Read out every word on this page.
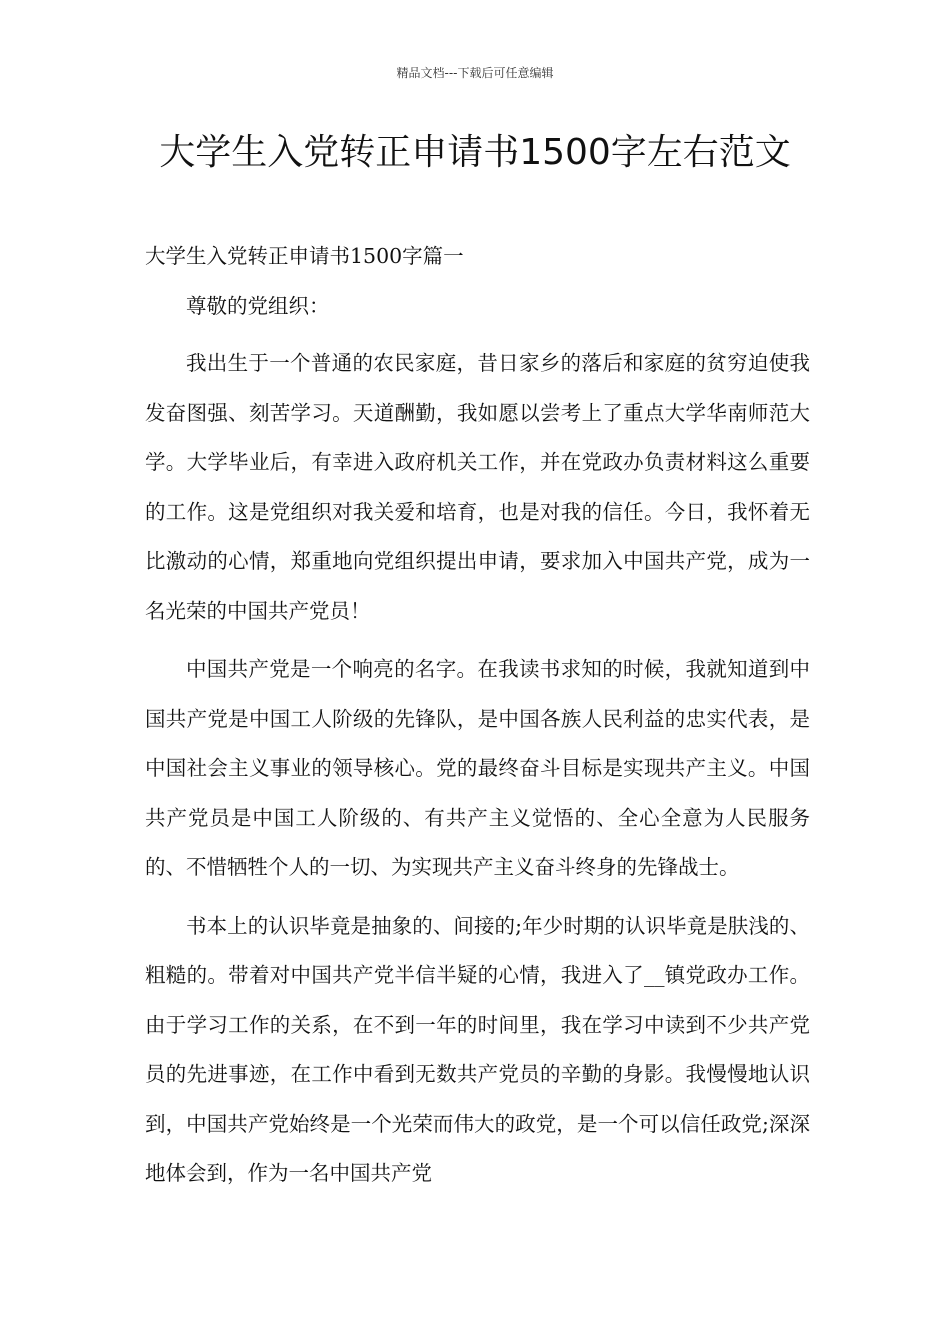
精品文档---下载后可任意编辑
大学生入党转正申请书1500字左右范文

大学生入党转正申请书1500字篇一

尊敬的党组织：

我出生于一个普通的农民家庭，昔日家乡的落后和家庭的贫穷迫使我发奋图强、刻苦学习。天道酬勤，我如愿以尝考上了重点大学华南师范大学。大学毕业后，有幸进入政府机关工作，并在党政办负责材料这么重要的工作。这是党组织对我关爱和培育，也是对我的信任。今日，我怀着无比激动的心情，郑重地向党组织提出申请，要求加入中国共产党，成为一名光荣的中国共产党员！

中国共产党是一个响亮的名字。在我读书求知的时候，我就知道到中国共产党是中国工人阶级的先锋队，是中国各族人民利益的忠实代表，是中国社会主义事业的领导核心。党的最终奋斗目标是实现共产主义。中国共产党员是中国工人阶级的、有共产主义觉悟的、全心全意为人民服务的、不惜牺牲个人的一切、为实现共产主义奋斗终身的先锋战士。

书本上的认识毕竟是抽象的、间接的;年少时期的认识毕竟是肤浅的、粗糙的。带着对中国共产党半信半疑的心情，我进入了__镇党政办工作。由于学习工作的关系，在不到一年的时间里，我在学习中读到不少共产党员的先进事迹，在工作中看到无数共产党员的辛勤的身影。我慢慢地认识到，中国共产党始终是一个光荣而伟大的政党，是一个可以信任政党;深深地体会到，作为一名中国共产党
